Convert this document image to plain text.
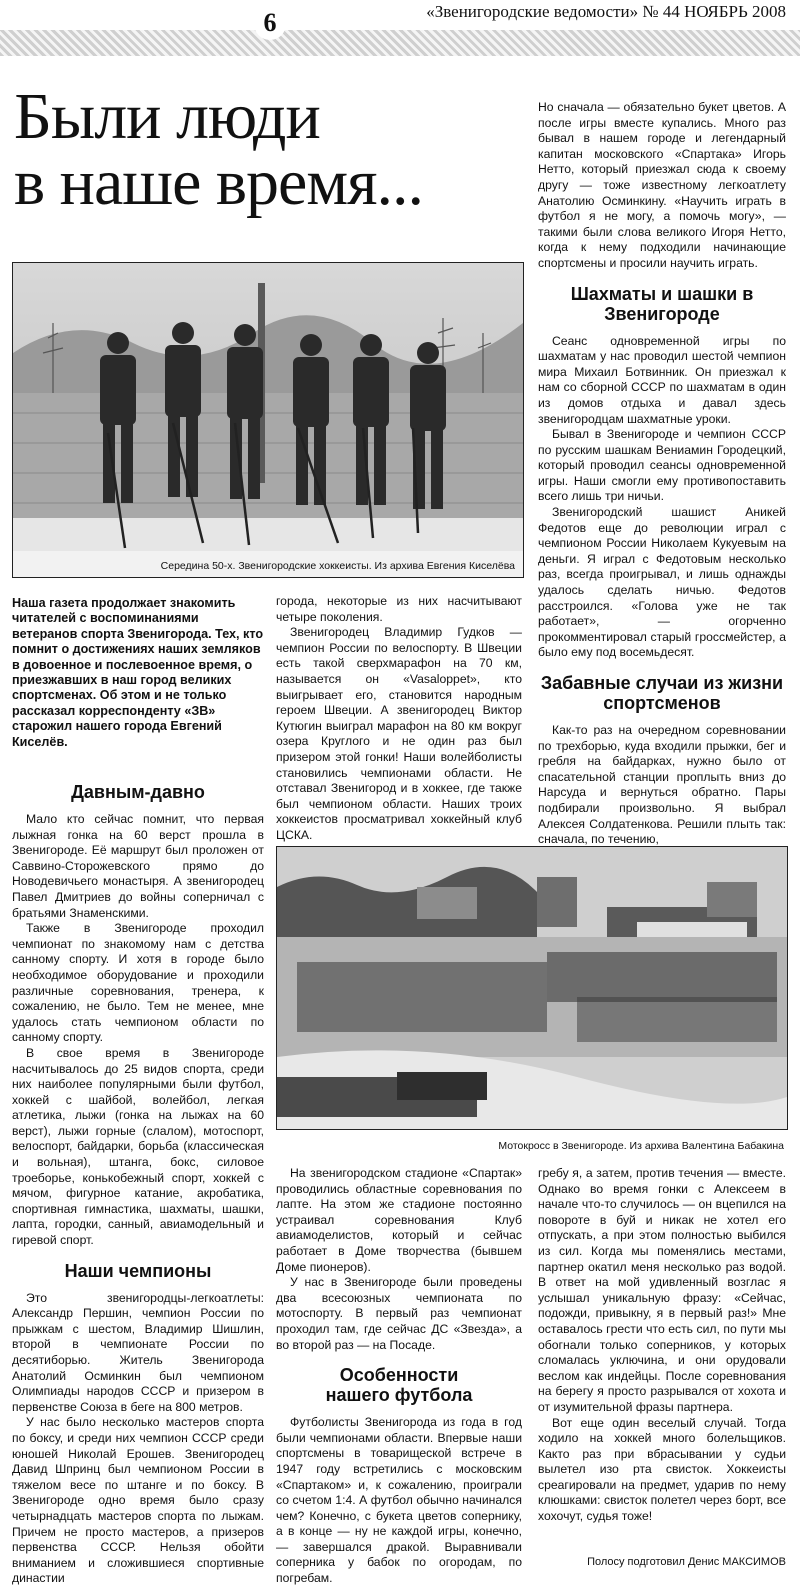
6	«Звенигородские ведомости» № 44 НОЯБРЬ 2008
Были люди
в наше время...
Середина 50-х. Звенигородские хоккеисты. Из архива Евгения Киселёва
Наша газета продолжает знакомить читателей с воспоминаниями ветеранов спорта Звенигорода. Тех, кто помнит о достижениях наших земляков в довоенное и послевоенное время, о приезжавших в наш город великих спортсменах. Об этом и не только рассказал корреспонденту «ЗВ» старожил нашего города Евгений Киселёв.
Давным-давно

Мало кто сейчас помнит, что первая лыжная гонка на 60 верст прошла в Звенигороде. Её маршрут был проложен от Саввино-Сторожевского прямо до Новодевичьего монастыря. А звенигородец Павел Дмитриев до войны соперничал с братьями Знаменскими.

Также в Звенигороде проходил чемпионат по знакомому нам с детства санному спорту. И хотя в городе было необходимое оборудование и проходили различные соревнования, тренера, к сожалению, не было. Тем не менее, мне удалось стать чемпионом области по санному спорту.

В свое время в Звенигороде насчитывалось до 25 видов спорта, среди них наиболее популярными были футбол, хоккей с шайбой, волейбол, легкая атлетика, лыжи (гонка на лыжах на 60 верст), лыжи горные (слалом), мотоспорт, велоспорт, байдарки, борьба (классическая и вольная), штанга, бокс, силовое троеборье, конькобежный спорт, хоккей с мячом, фигурное катание, акробатика, спортивная гимнастика, шахматы, шашки, лапта, городки, санный, авиамодельный и гиревой спорт.

Наши чемпионы

Это звенигородцы-легкоатлеты: Александр Першин, чемпион России по прыжкам с шестом, Владимир Шишлин, второй в чемпионате России по десятиборью. Житель Звенигорода Анатолий Осминкин был чемпионом Олимпиады народов СССР и призером в первенстве Союза в беге на 800 метров.

У нас было несколько мастеров спорта по боксу, и среди них чемпион СССР среди юношей Николай Ерошев. Звенигородец Давид Шпринц был чемпионом России в тяжелом весе по штанге и по боксу. В Звенигороде одно время было сразу четырнадцать мастеров спорта по лыжам. Причем не просто мастеров, а призеров первенства СССР. Нельзя обойти вниманием и сложившиеся спортивные династии

города, некоторые из них насчитывают четыре поколения.

Звенигородец Владимир Гудков — чемпион России по велоспорту. В Швеции есть такой сверхмарафон на 70 км, называется он «Vasaloppet», кто выигрывает его, становится народным героем Швеции. А звенигородец Виктор Кутюгин выиграл марафон на 80 км вокруг озера Круглого и не один раз был призером этой гонки! Наши волейболисты становились чемпионами области. Не отставал Звенигород и в хоккее, где также был чемпионом области. Наших троих хоккеистов просматривал хоккейный клуб ЦСКА.

Но сначала — обязательно букет цветов. А после игры вместе купались. Много раз бывал в нашем городе и легендарный капитан московского «Спартака» Игорь Нетто, который приезжал сюда к своему другу — тоже известному легкоатлету Анатолию Осминкину. «Научить играть в футбол я не могу, а помочь могу», — такими были слова великого Игоря Нетто, когда к нему подходили начинающие спортсмены и просили научить играть.

Шахматы и шашки в Звенигороде

Сеанс одновременной игры по шахматам у нас проводил шестой чемпион мира Михаил Ботвинник. Он приезжал к нам со сборной СССР по шахматам в один из домов отдыха и давал здесь звенигородцам шахматные уроки.

Бывал в Звенигороде и чемпион СССР по русским шашкам Вениамин Городецкий, который проводил сеансы одновременной игры. Наши смогли ему противопоставить всего лишь три ничьи.

Звенигородский шашист Аникей Федотов еще до революции играл с чемпионом России Николаем Кукуевым на деньги. Я играл с Федотовым несколько раз, всегда проигрывал, и лишь однажды удалось сделать ничью. Федотов расстроился. «Голова уже не так работает», — огорченно прокомментировал старый гроссмейстер, а было ему под восемьдесят.

Забавные случаи из жизни спортсменов

Как-то раз на очередном соревновании по трехборью, куда входили прыжки, бег и гребля на байдарках, нужно было от спасательной станции проплыть вниз до Нарсуда и вернуться обратно. Пары подбирали произвольно. Я выбрал Алексея Солдатенкова. Решили плыть так: сначала, по течению,

Мотокросс в Звенигороде. Из архива Валентина Бабакина

На звенигородском стадионе «Спартак» проводились областные соревнования по лапте. На этом же стадионе постоянно устраивал соревнования Клуб авиамоделистов, который и сейчас работает в Доме творчества (бывшем Доме пионеров).

У нас в Звенигороде были проведены два всесоюзных чемпионата по мотоспорту. В первый раз чемпионат проходил там, где сейчас ДС «Звезда», а во второй раз — на Посаде.

Особенности нашего футбола

Футболисты Звенигорода из года в год были чемпионами области. Впервые наши спортсмены в товарищеской встрече в 1947 году встретились с московским «Спартаком» и, к сожалению, проиграли со счетом 1:4. А футбол обычно начинался чем? Конечно, с букета цветов сопернику, а в конце — ну не каждой игры, конечно, — завершался дракой. Выравнивали соперника у бабок по огородам, по погребам.

гребу я, а затем, против течения — вместе. Однако во время гонки с Алексеем в начале что-то случилось — он вцепился на повороте в буй и никак не хотел его отпускать, а при этом полностью выбился из сил. Когда мы поменялись местами, партнер окатил меня несколько раз водой. В ответ на мой удивленный возглас я услышал уникальную фразу: «Сейчас, подожди, привыкну, я в первый раз!» Мне оставалось грести что есть сил, по пути мы обогнали только соперников, у которых сломалась уключина, и они орудовали веслом как индейцы. После соревнования на берегу я просто разрывался от хохота и от изумительной фразы партнера.

Вот еще один веселый случай. Тогда ходило на хоккей много болельщиков. Както раз при вбрасывании у судьи вылетел изо рта свисток. Хоккеисты среагировали на предмет, ударив по нему клюшками: свисток полетел через борт, все хохочут, судья тоже!

Полосу подготовил Денис МАКСИМОВ
